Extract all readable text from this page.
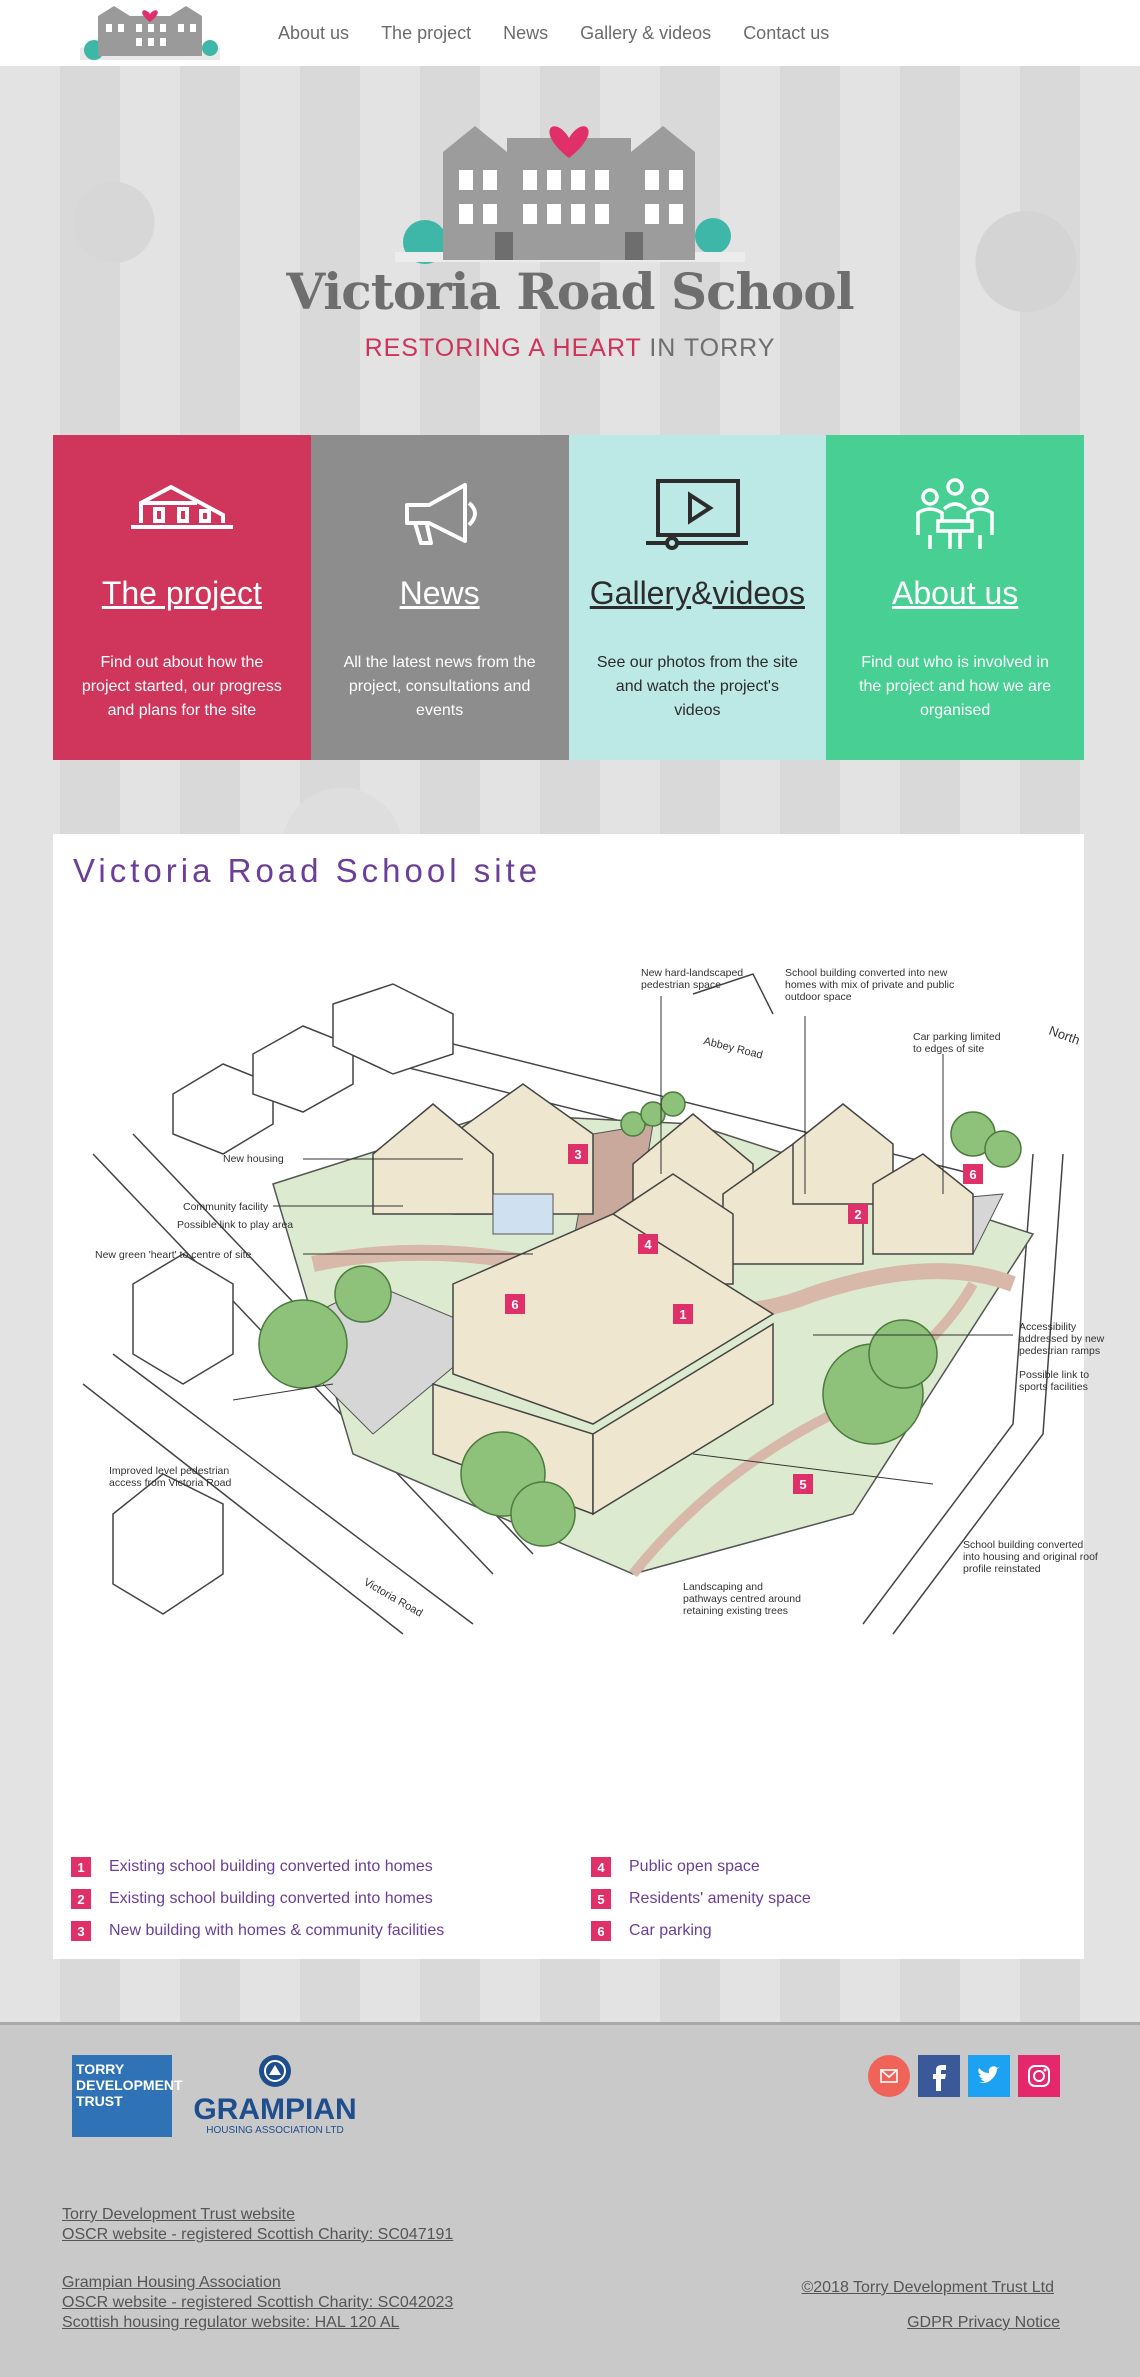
About us	The project	News	Gallery & videos	Contact us
Victoria Road School
RESTORING A HEART IN TORRY
The project
Find out about how the project started, our progress and plans for the site
News
All the latest news from the project, consultations and events
Gallery&videos
See our photos from the site and watch the project's videos
About us
Find out who is involved in the project and how we are organised
Victoria Road School site
1
2
3
4
5
6
6
New hard-landscaped
pedestrian space
School building converted into new
homes with mix of private and public
outdoor space
Car parking limited
to edges of site
New housing
Community facility
Possible link to play area
New green 'heart' to centre of site
Accessibility
addressed by new
pedestrian ramps
Possible link to
sports facilities
Improved level pedestrian
access from Victoria Road
School building converted
into housing and original roof
profile reinstated
Landscaping and
pathways centred around
retaining existing trees
North
Abbey Road
Victoria Road
1	Existing school building converted into homes
2	Existing school building converted into homes
3	New building with homes & community facilities
4	Public open space
5	Residents' amenity space
6	Car parking
TORRY DEVELOPMENT TRUST	GRAMPIAN
HOUSING ASSOCIATION LTD
Torry Development Trust website
OSCR website - registered Scottish Charity: SC047191
Grampian Housing Association
OSCR website - registered Scottish Charity: SC042023
Scottish housing regulator website: HAL 120 AL
©2018 Torry Development Trust Ltd
GDPR Privacy Notice
